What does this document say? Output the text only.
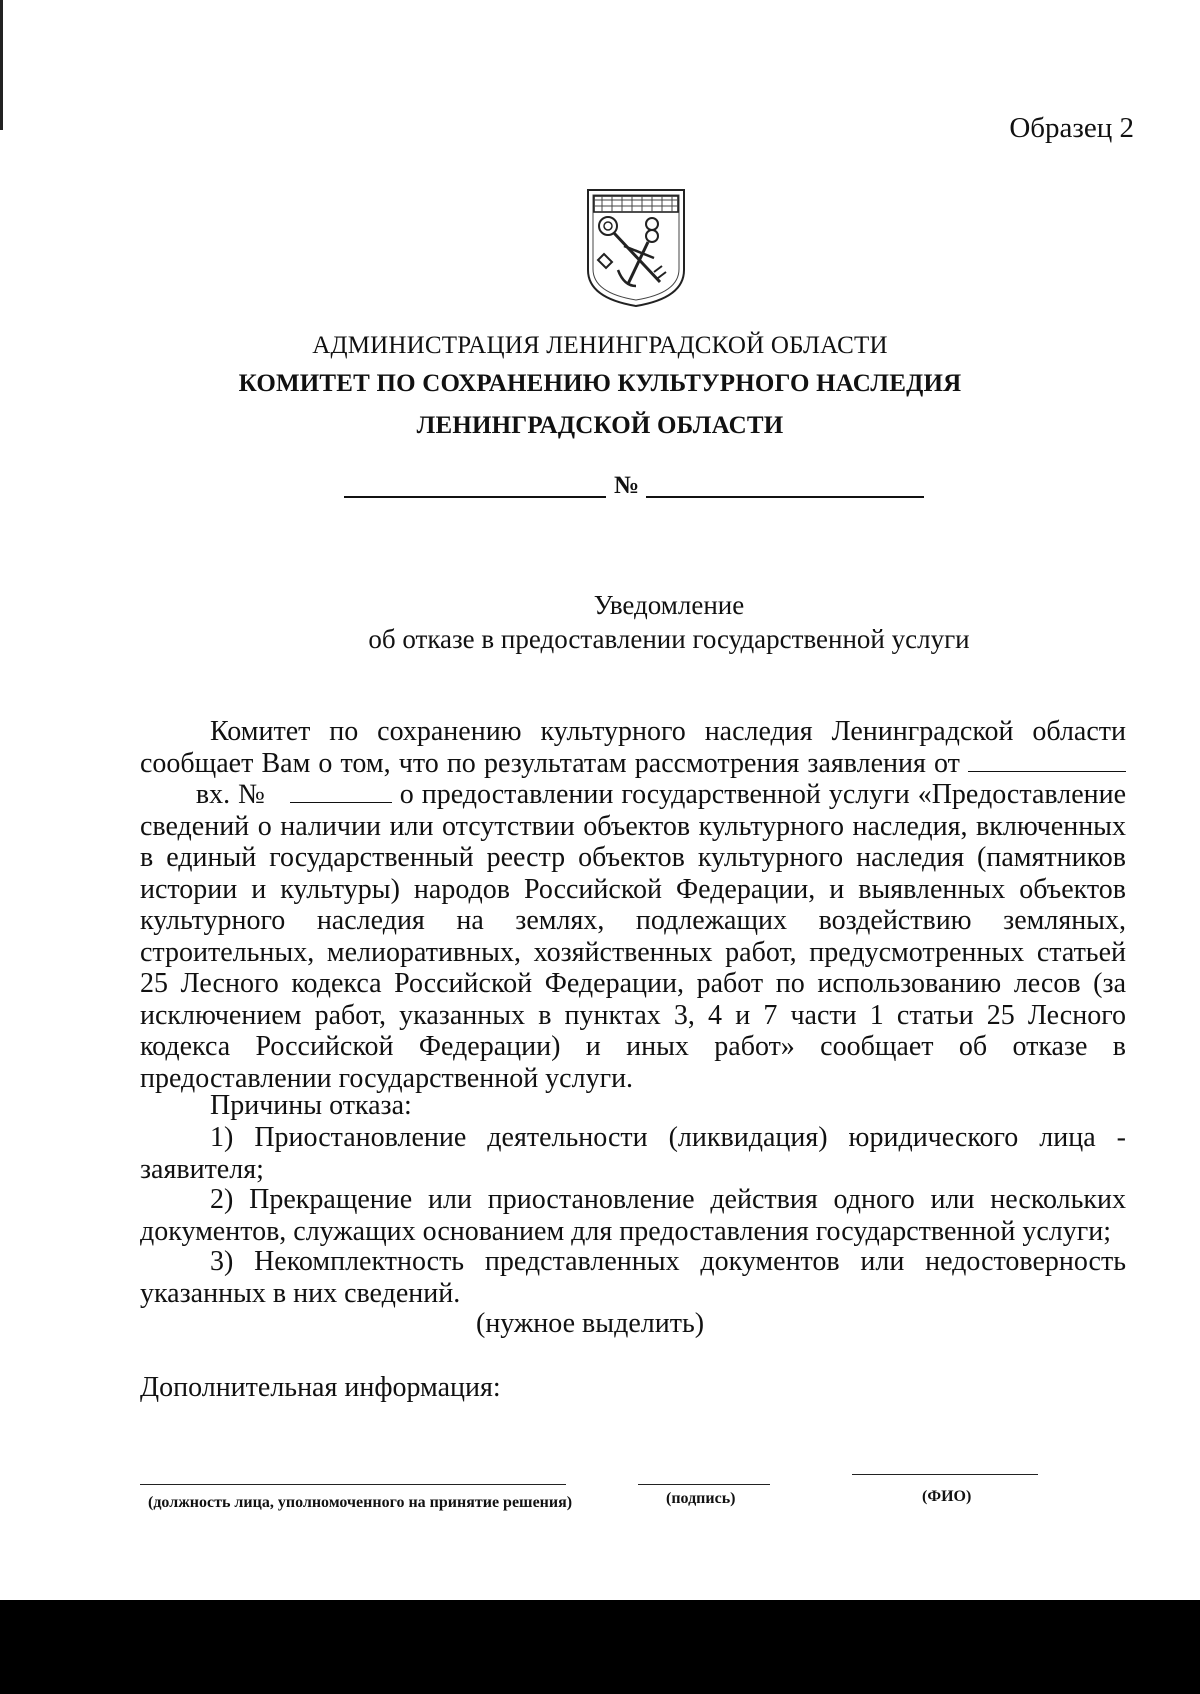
Образец 2
АДМИНИСТРАЦИЯ ЛЕНИНГРАДСКОЙ ОБЛАСТИ
КОМИТЕТ ПО СОХРАНЕНИЮ КУЛЬТУРНОГО НАСЛЕДИЯ
ЛЕНИНГРАДСКОЙ ОБЛАСТИ
№
Уведомление
об отказе в предоставлении государственной услуги
Комитет по сохранению культурного наследия Ленинградской области сообщает Вам о том, что по результатам рассмотрения заявления от        вх. №	о предоставлении государственной услуги «Предоставление сведений о наличии или отсутствии объектов культурного наследия, включенных в единый государственный реестр объектов культурного наследия (памятников истории и культуры) народов Российской Федерации, и выявленных объектов культурного наследия на землях, подлежащих воздействию земляных, строительных, мелиоративных, хозяйственных работ, предусмотренных статьей 25 Лесного кодекса Российской Федерации, работ по использованию лесов (за исключением работ, указанных в пунктах 3, 4 и 7 части 1 статьи 25 Лесного кодекса Российской Федерации) и иных работ» сообщает об отказе в предоставлении государственной услуги.
Причины отказа:
1) Приостановление деятельности (ликвидация) юридического лица - заявителя;
2) Прекращение или приостановление действия одного или нескольких документов, служащих основанием для предоставления государственной услуги;
3) Некомплектность представленных документов или недостоверность указанных в них сведений.
(нужное выделить)
Дополнительная информация:
(должность лица, уполномоченного на принятие решения)	(подпись)	(ФИО)
